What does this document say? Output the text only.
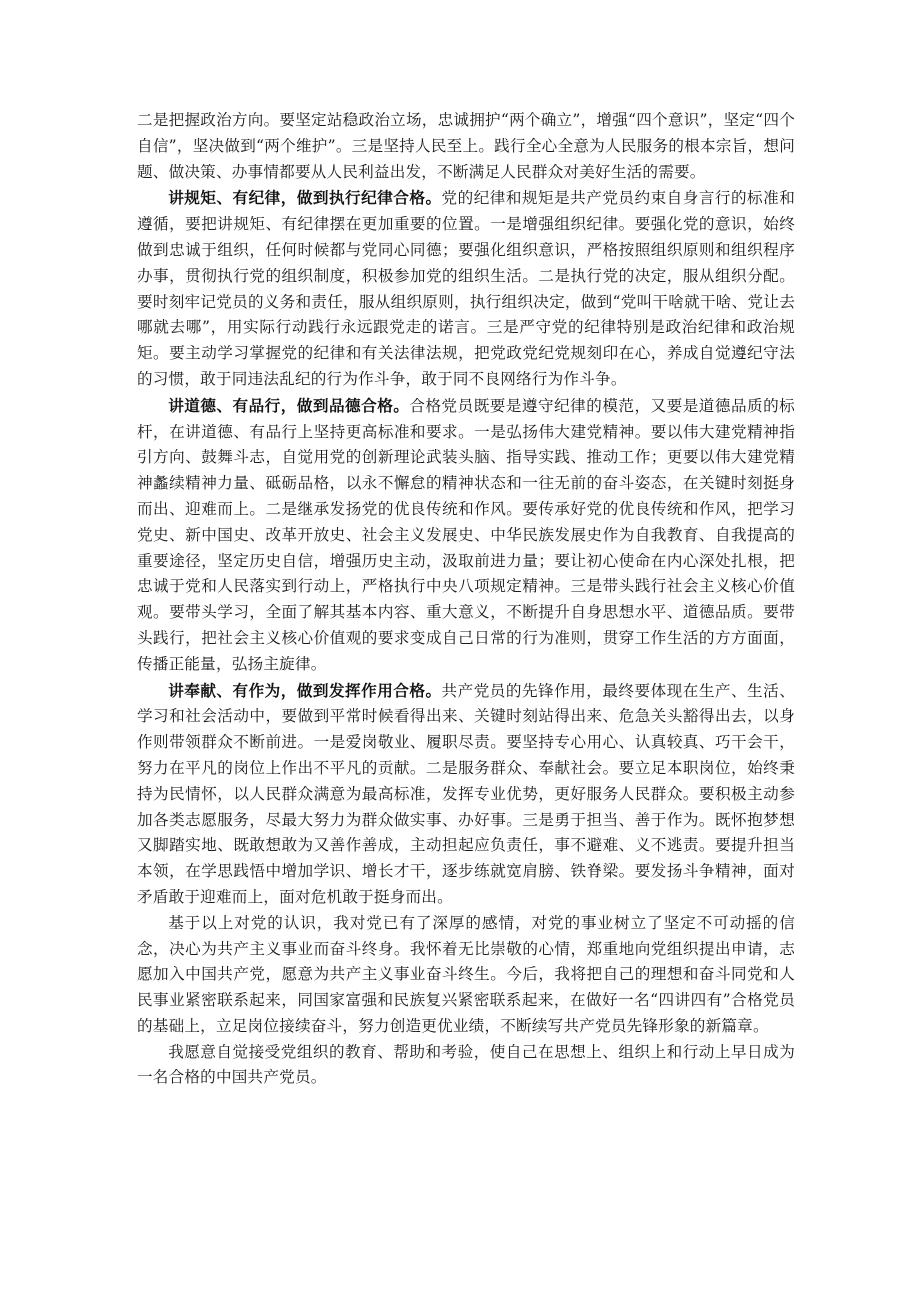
二是把握政治方向。要坚定站稳政治立场，忠诚拥护“两个确立”，增强“四个意识”，坚定“四个自信”，坚决做到“两个维护”。三是坚持人民至上。践行全心全意为人民服务的根本宗旨，想问题、做决策、办事情都要从人民利益出发，不断满足人民群众对美好生活的需要。

讲规矩、有纪律，做到执行纪律合格。党的纪律和规矩是共产党员约束自身言行的标准和遵循，要把讲规矩、有纪律摆在更加重要的位置。一是增强组织纪律。要强化党的意识，始终做到忠诚于组织，任何时候都与党同心同德；要强化组织意识，严格按照组织原则和组织程序办事，贯彻执行党的组织制度，积极参加党的组织生活。二是执行党的决定，服从组织分配。要时刻牢记党员的义务和责任，服从组织原则，执行组织决定，做到“党叫干啥就干啥、党让去哪就去哪”，用实际行动践行永远跟党走的诺言。三是严守党的纪律特别是政治纪律和政治规矩。要主动学习掌握党的纪律和有关法律法规，把党政党纪党规刻印在心，养成自觉遵纪守法的习惯，敢于同违法乱纪的行为作斗争，敢于同不良网络行为作斗争。

讲道德、有品行，做到品德合格。合格党员既要是遵守纪律的模范，又要是道德品质的标杆，在讲道德、有品行上坚持更高标准和要求。一是弘扬伟大建党精神。要以伟大建党精神指引方向、鼓舞斗志，自觉用党的创新理论武装头脑、指导实践、推动工作；更要以伟大建党精神蠡续精神力量、砥砺品格，以永不懈怠的精神状态和一往无前的奋斗姿态，在关键时刻挺身而出、迎难而上。二是继承发扬党的优良传统和作风。要传承好党的优良传统和作风，把学习党史、新中国史、改革开放史、社会主义发展史、中华民族发展史作为自我教育、自我提高的重要途径，坚定历史自信，增强历史主动，汲取前进力量；要让初心使命在内心深处扎根，把忠诚于党和人民落实到行动上，严格执行中央八项规定精神。三是带头践行社会主义核心价值观。要带头学习，全面了解其基本内容、重大意义，不断提升自身思想水平、道德品质。要带头践行，把社会主义核心价值观的要求变成自己日常的行为准则，贯穿工作生活的方方面面，传播正能量，弘扬主旋律。

讲奉献、有作为，做到发挥作用合格。共产党员的先锋作用，最终要体现在生产、生活、学习和社会活动中，要做到平常时候看得出来、关键时刻站得出来、危急关头豁得出去，以身作则带领群众不断前进。一是爱岗敬业、履职尽责。要坚持专心用心、认真较真、巧干会干，努力在平凡的岗位上作出不平凡的贡献。二是服务群众、奉献社会。要立足本职岗位，始终秉持为民情怀，以人民群众满意为最高标准，发挥专业优势，更好服务人民群众。要积极主动参加各类志愿服务，尽最大努力为群众做实事、办好事。三是勇于担当、善于作为。既怀抱梦想又脚踏实地、既敢想敢为又善作善成，主动担起应负责任，事不避难、义不逃责。要提升担当本领，在学思践悟中增加学识、增长才干，逐步练就宽肩膀、铁脊梁。要发扬斗争精神，面对矛盾敢于迎难而上，面对危机敢于挺身而出。

基于以上对党的认识，我对党已有了深厚的感情，对党的事业树立了坚定不可动摇的信念，决心为共产主义事业而奋斗终身。我怀着无比崇敬的心情，郑重地向党组织提出申请，志愿加入中国共产党，愿意为共产主义事业奋斗终生。今后，我将把自己的理想和奋斗同党和人民事业紧密联系起来，同国家富强和民族复兴紧密联系起来，在做好一名“四讲四有”合格党员的基础上，立足岗位接续奋斗，努力创造更优业绩，不断续写共产党员先锋形象的新篇章。

我愿意自觉接受党组织的教育、帮助和考验，使自己在思想上、组织上和行动上早日成为一名合格的中国共产党员。
